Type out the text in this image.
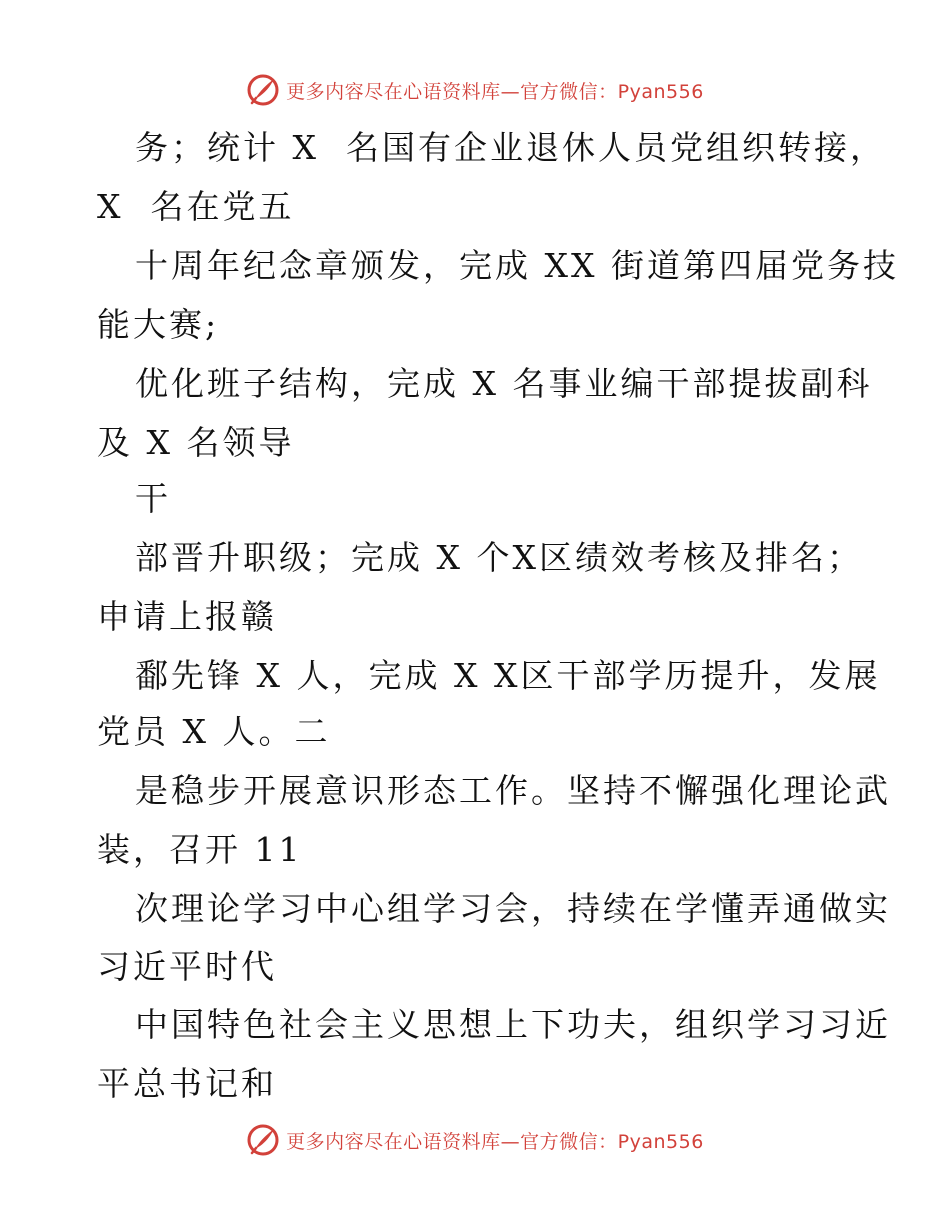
更多内容尽在心语资料库—官方微信：Pyan556
务；统计 X  名国有企业退休人员党组织转接，
X  名在党五
十周年纪念章颁发，完成 XX 街道第四届党务技
能大赛;
优化班子结构，完成 X 名事业编干部提拔副科
及 X 名领导
干
部晋升职级；完成 X 个X区绩效考核及排名；
申请上报赣
鄱先锋 X 人，完成 X X区干部学历提升，发展
党员 X 人。二
是稳步开展意识形态工作。坚持不懈强化理论武
装，召开 11
次理论学习中心组学习会，持续在学懂弄通做实
习近平时代
中国特色社会主义思想上下功夫，组织学习习近
平总书记和
更多内容尽在心语资料库—官方微信：Pyan556
